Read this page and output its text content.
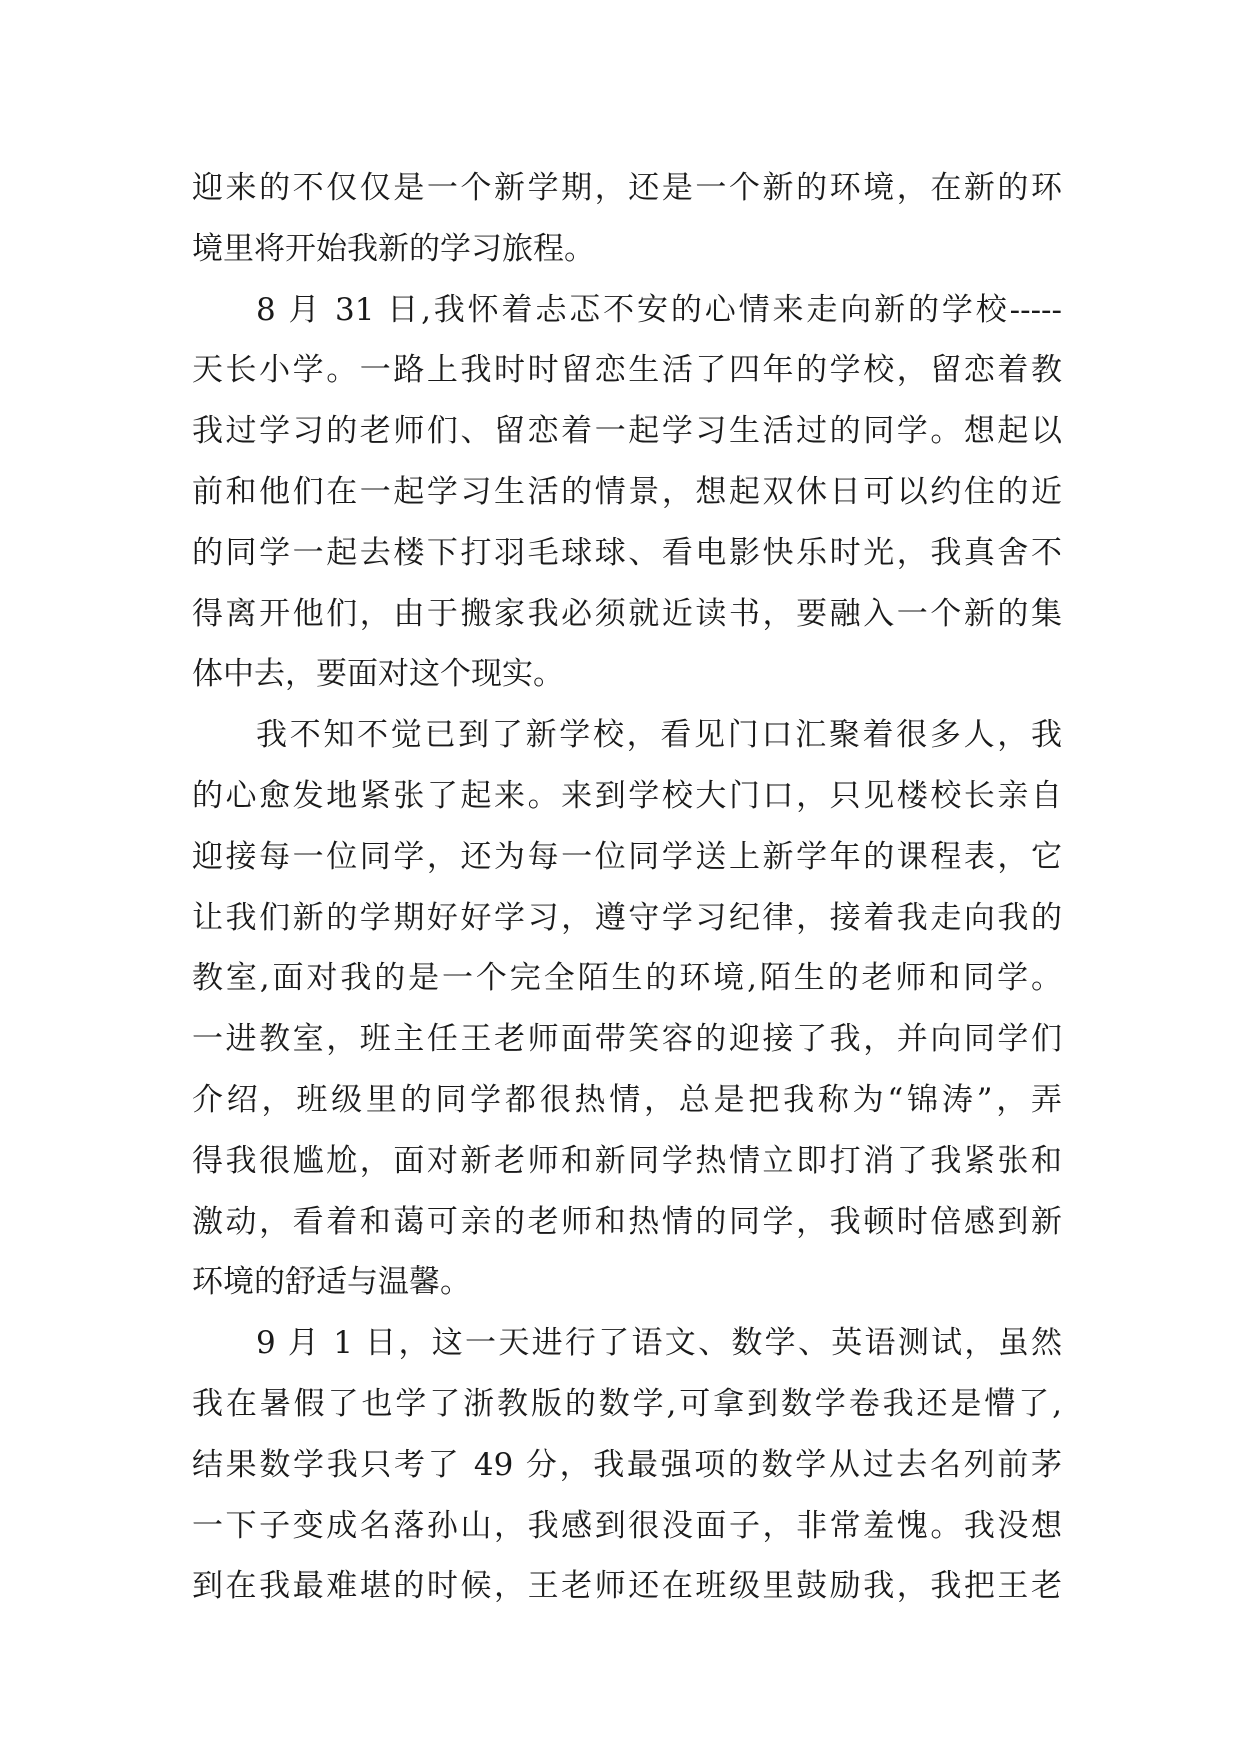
迎来的不仅仅是一个新学期，还是一个新的环境，在新的环
境里将开始我新的学习旅程。
8 月 31 日,我怀着忐忑不安的心情来走向新的学校-----
天长小学。一路上我时时留恋生活了四年的学校，留恋着教
我过学习的老师们、留恋着一起学习生活过的同学。想起以
前和他们在一起学习生活的情景，想起双休日可以约住的近
的同学一起去楼下打羽毛球球、看电影快乐时光，我真舍不
得离开他们，由于搬家我必须就近读书，要融入一个新的集
体中去，要面对这个现实。
我不知不觉已到了新学校，看见门口汇聚着很多人，我
的心愈发地紧张了起来。来到学校大门口，只见楼校长亲自
迎接每一位同学，还为每一位同学送上新学年的课程表，它
让我们新的学期好好学习，遵守学习纪律，接着我走向我的
教室,面对我的是一个完全陌生的环境,陌生的老师和同学。
一进教室，班主任王老师面带笑容的迎接了我，并向同学们
介绍，班级里的同学都很热情，总是把我称为“锦涛”，弄
得我很尴尬，面对新老师和新同学热情立即打消了我紧张和
激动，看着和蔼可亲的老师和热情的同学，我顿时倍感到新
环境的舒适与温馨。
9 月 1 日，这一天进行了语文、数学、英语测试，虽然
我在暑假了也学了浙教版的数学,可拿到数学卷我还是懵了,
结果数学我只考了 49 分，我最强项的数学从过去名列前茅
一下子变成名落孙山，我感到很没面子，非常羞愧。我没想
到在我最难堪的时候，王老师还在班级里鼓励我，我把王老
